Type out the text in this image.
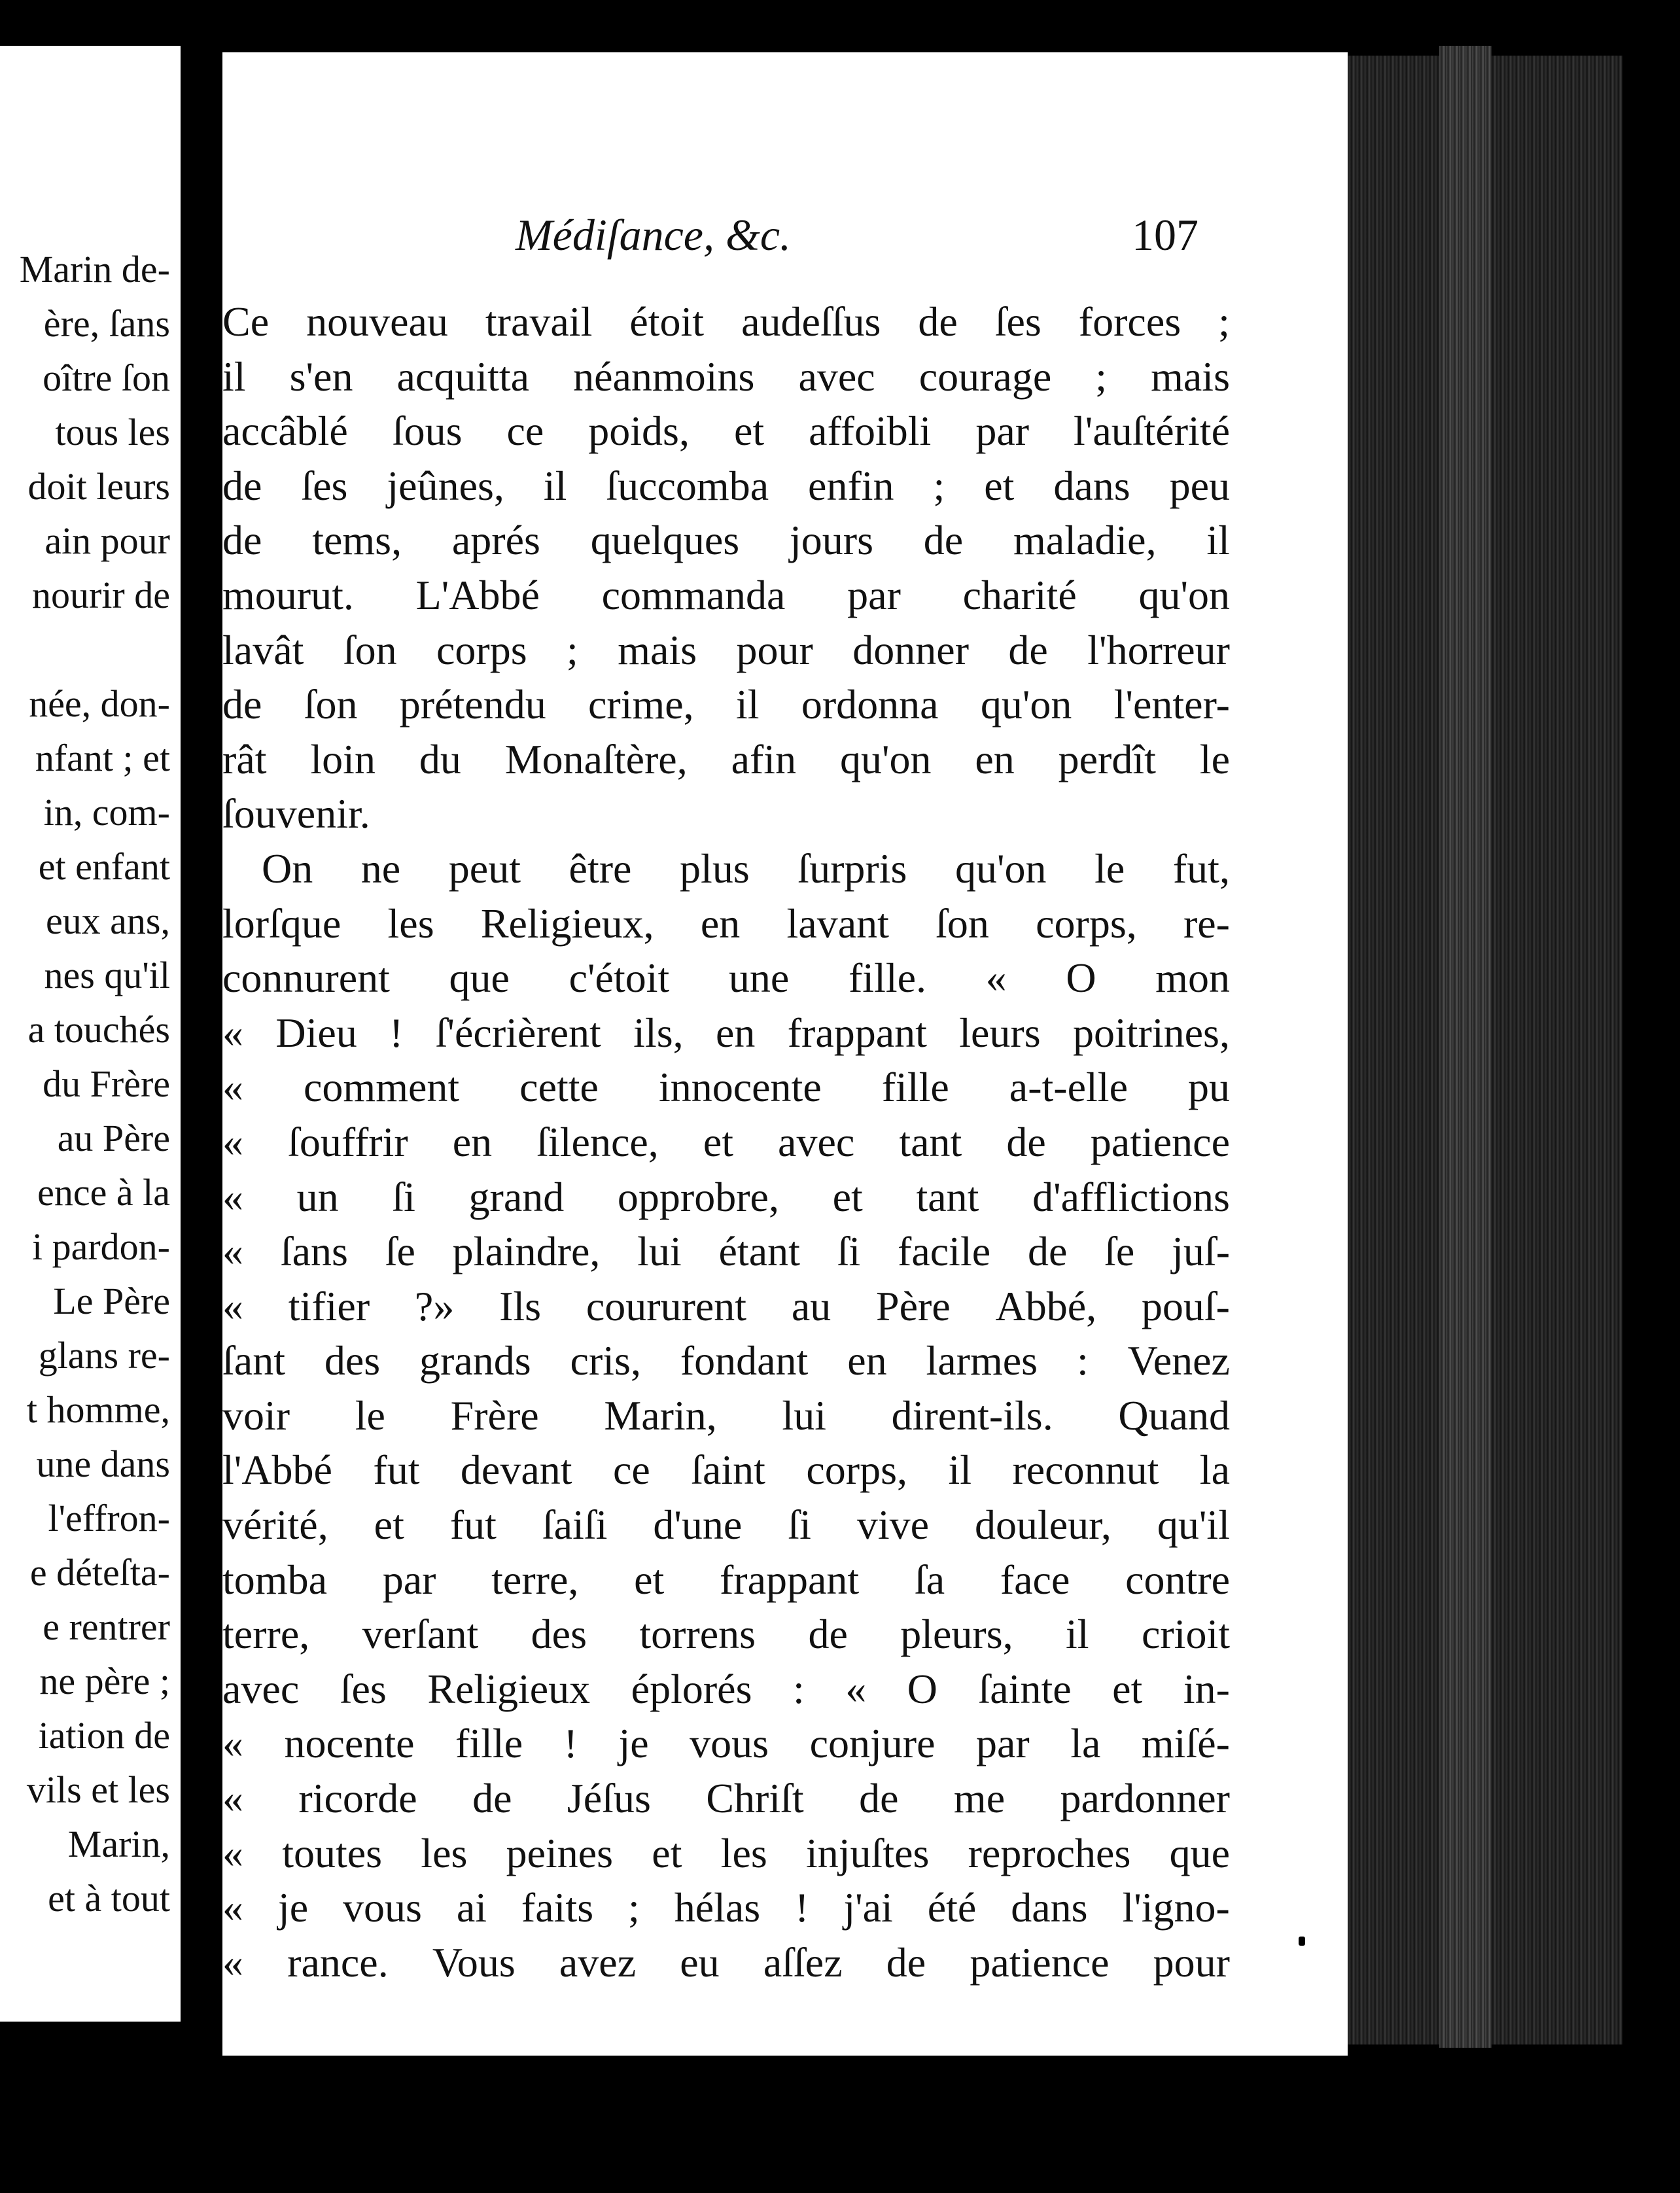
Marin de-
ère, ſans
oître ſon
tous les
doit leurs
ain pour
nourir de
née, don-
nfant ; et
in, com-
et enfant
eux ans,
nes qu'il
a touchés
du Frère
au Père
ence à la
i pardon-
Le Père
glans re-
t homme,
une dans
l'effron-
e déteſta-
e rentrer
ne père ;
iation de
vils et les
Marin,
et à tout
Médiſance, &c.	107
Ce nouveau travail étoit audeſſus de ſes forces ;
il s'en acquitta néanmoins avec courage ; mais
accâblé ſous ce poids, et affoibli par l'auſtérité
de ſes jeûnes, il ſuccomba enfin ; et dans peu
de tems, aprés quelques jours de maladie, il
mourut. L'Abbé commanda par charité qu'on
lavât ſon corps ; mais pour donner de l'horreur
de ſon prétendu crime, il ordonna qu'on l'enter-
rât loin du Monaſtère, afin qu'on en perdît le
ſouvenir.
On ne peut être plus ſurpris qu'on le fut,
lorſque les Religieux, en lavant ſon corps, re-
connurent que c'étoit une fille. « O mon
« Dieu ! ſ'écrièrent ils, en frappant leurs poitrines,
« comment cette innocente fille a-t-elle pu
« ſouffrir en ſilence, et avec tant de patience
« un ſi grand opprobre, et tant d'afflictions
« ſans ſe plaindre, lui étant ſi facile de ſe juſ-
« tifier ?» Ils coururent au Père Abbé, pouſ-
ſant des grands cris, fondant en larmes : Venez
voir le Frère Marin, lui dirent-ils. Quand
l'Abbé fut devant ce ſaint corps, il reconnut la
vérité, et fut ſaiſi d'une ſi vive douleur, qu'il
tomba par terre, et frappant ſa face contre
terre, verſant des torrens de pleurs, il crioit
avec ſes Religieux éplorés : « O ſainte et in-
« nocente fille ! je vous conjure par la miſé-
« ricorde de Jéſus Chriſt de me pardonner
« toutes les peines et les injuſtes reproches que
« je vous ai faits ; hélas ! j'ai été dans l'igno-
« rance. Vous avez eu aſſez de patience pour
